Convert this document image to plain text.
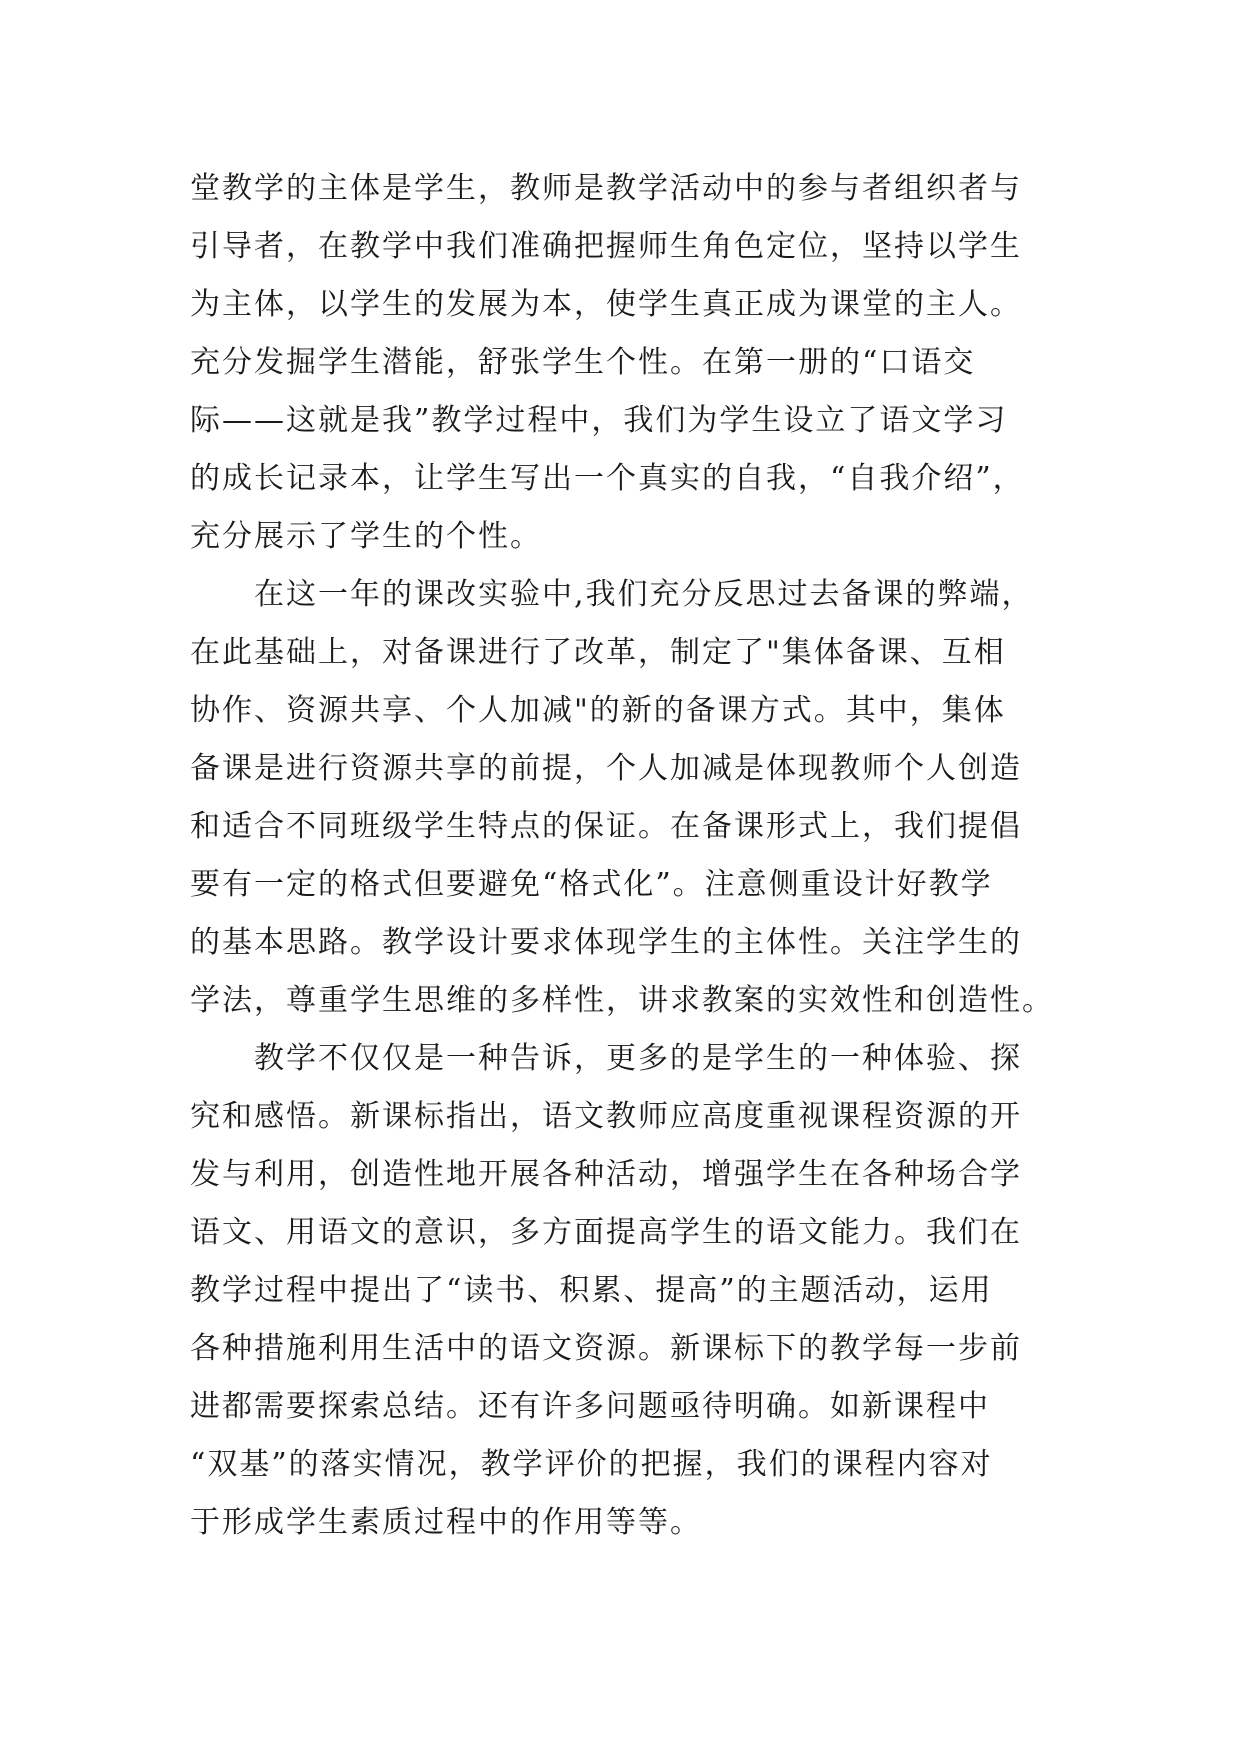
堂教学的主体是学生，教师是教学活动中的参与者组织者与
引导者，在教学中我们准确把握师生角色定位，坚持以学生
为主体，以学生的发展为本，使学生真正成为课堂的主人。
充分发掘学生潜能，舒张学生个性。在第一册的“口语交
际——这就是我”教学过程中，我们为学生设立了语文学习
的成长记录本，让学生写出一个真实的自我，“自我介绍”，
充分展示了学生的个性。
在这一年的课改实验中,我们充分反思过去备课的弊端，
在此基础上，对备课进行了改革，制定了"集体备课、互相
协作、资源共享、个人加减"的新的备课方式。其中，集体
备课是进行资源共享的前提，个人加减是体现教师个人创造
和适合不同班级学生特点的保证。在备课形式上，我们提倡
要有一定的格式但要避免“格式化”。注意侧重设计好教学
的基本思路。教学设计要求体现学生的主体性。关注学生的
学法，尊重学生思维的多样性，讲求教案的实效性和创造性。
教学不仅仅是一种告诉，更多的是学生的一种体验、探
究和感悟。新课标指出，语文教师应高度重视课程资源的开
发与利用，创造性地开展各种活动，增强学生在各种场合学
语文、用语文的意识，多方面提高学生的语文能力。我们在
教学过程中提出了“读书、积累、提高”的主题活动，运用
各种措施利用生活中的语文资源。新课标下的教学每一步前
进都需要探索总结。还有许多问题亟待明确。如新课程中
“双基”的落实情况，教学评价的把握，我们的课程内容对
于形成学生素质过程中的作用等等。
